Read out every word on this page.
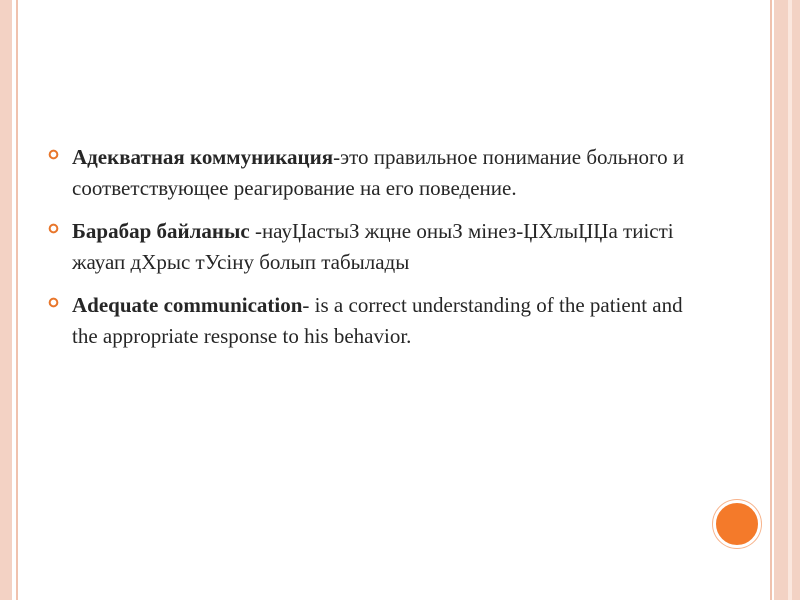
Адекватная коммуникация-это правильное понимание больного и соответствующее реагирование на его поведение.
Барабар байланыс -науЏастыЗ жцне оныЗ мінез-ЏХлыЏЏа тиісті жауап дХрыс тУсіну болып табылады
Adequate communication- is a correct understanding of the patient and the appropriate response to his behavior.
